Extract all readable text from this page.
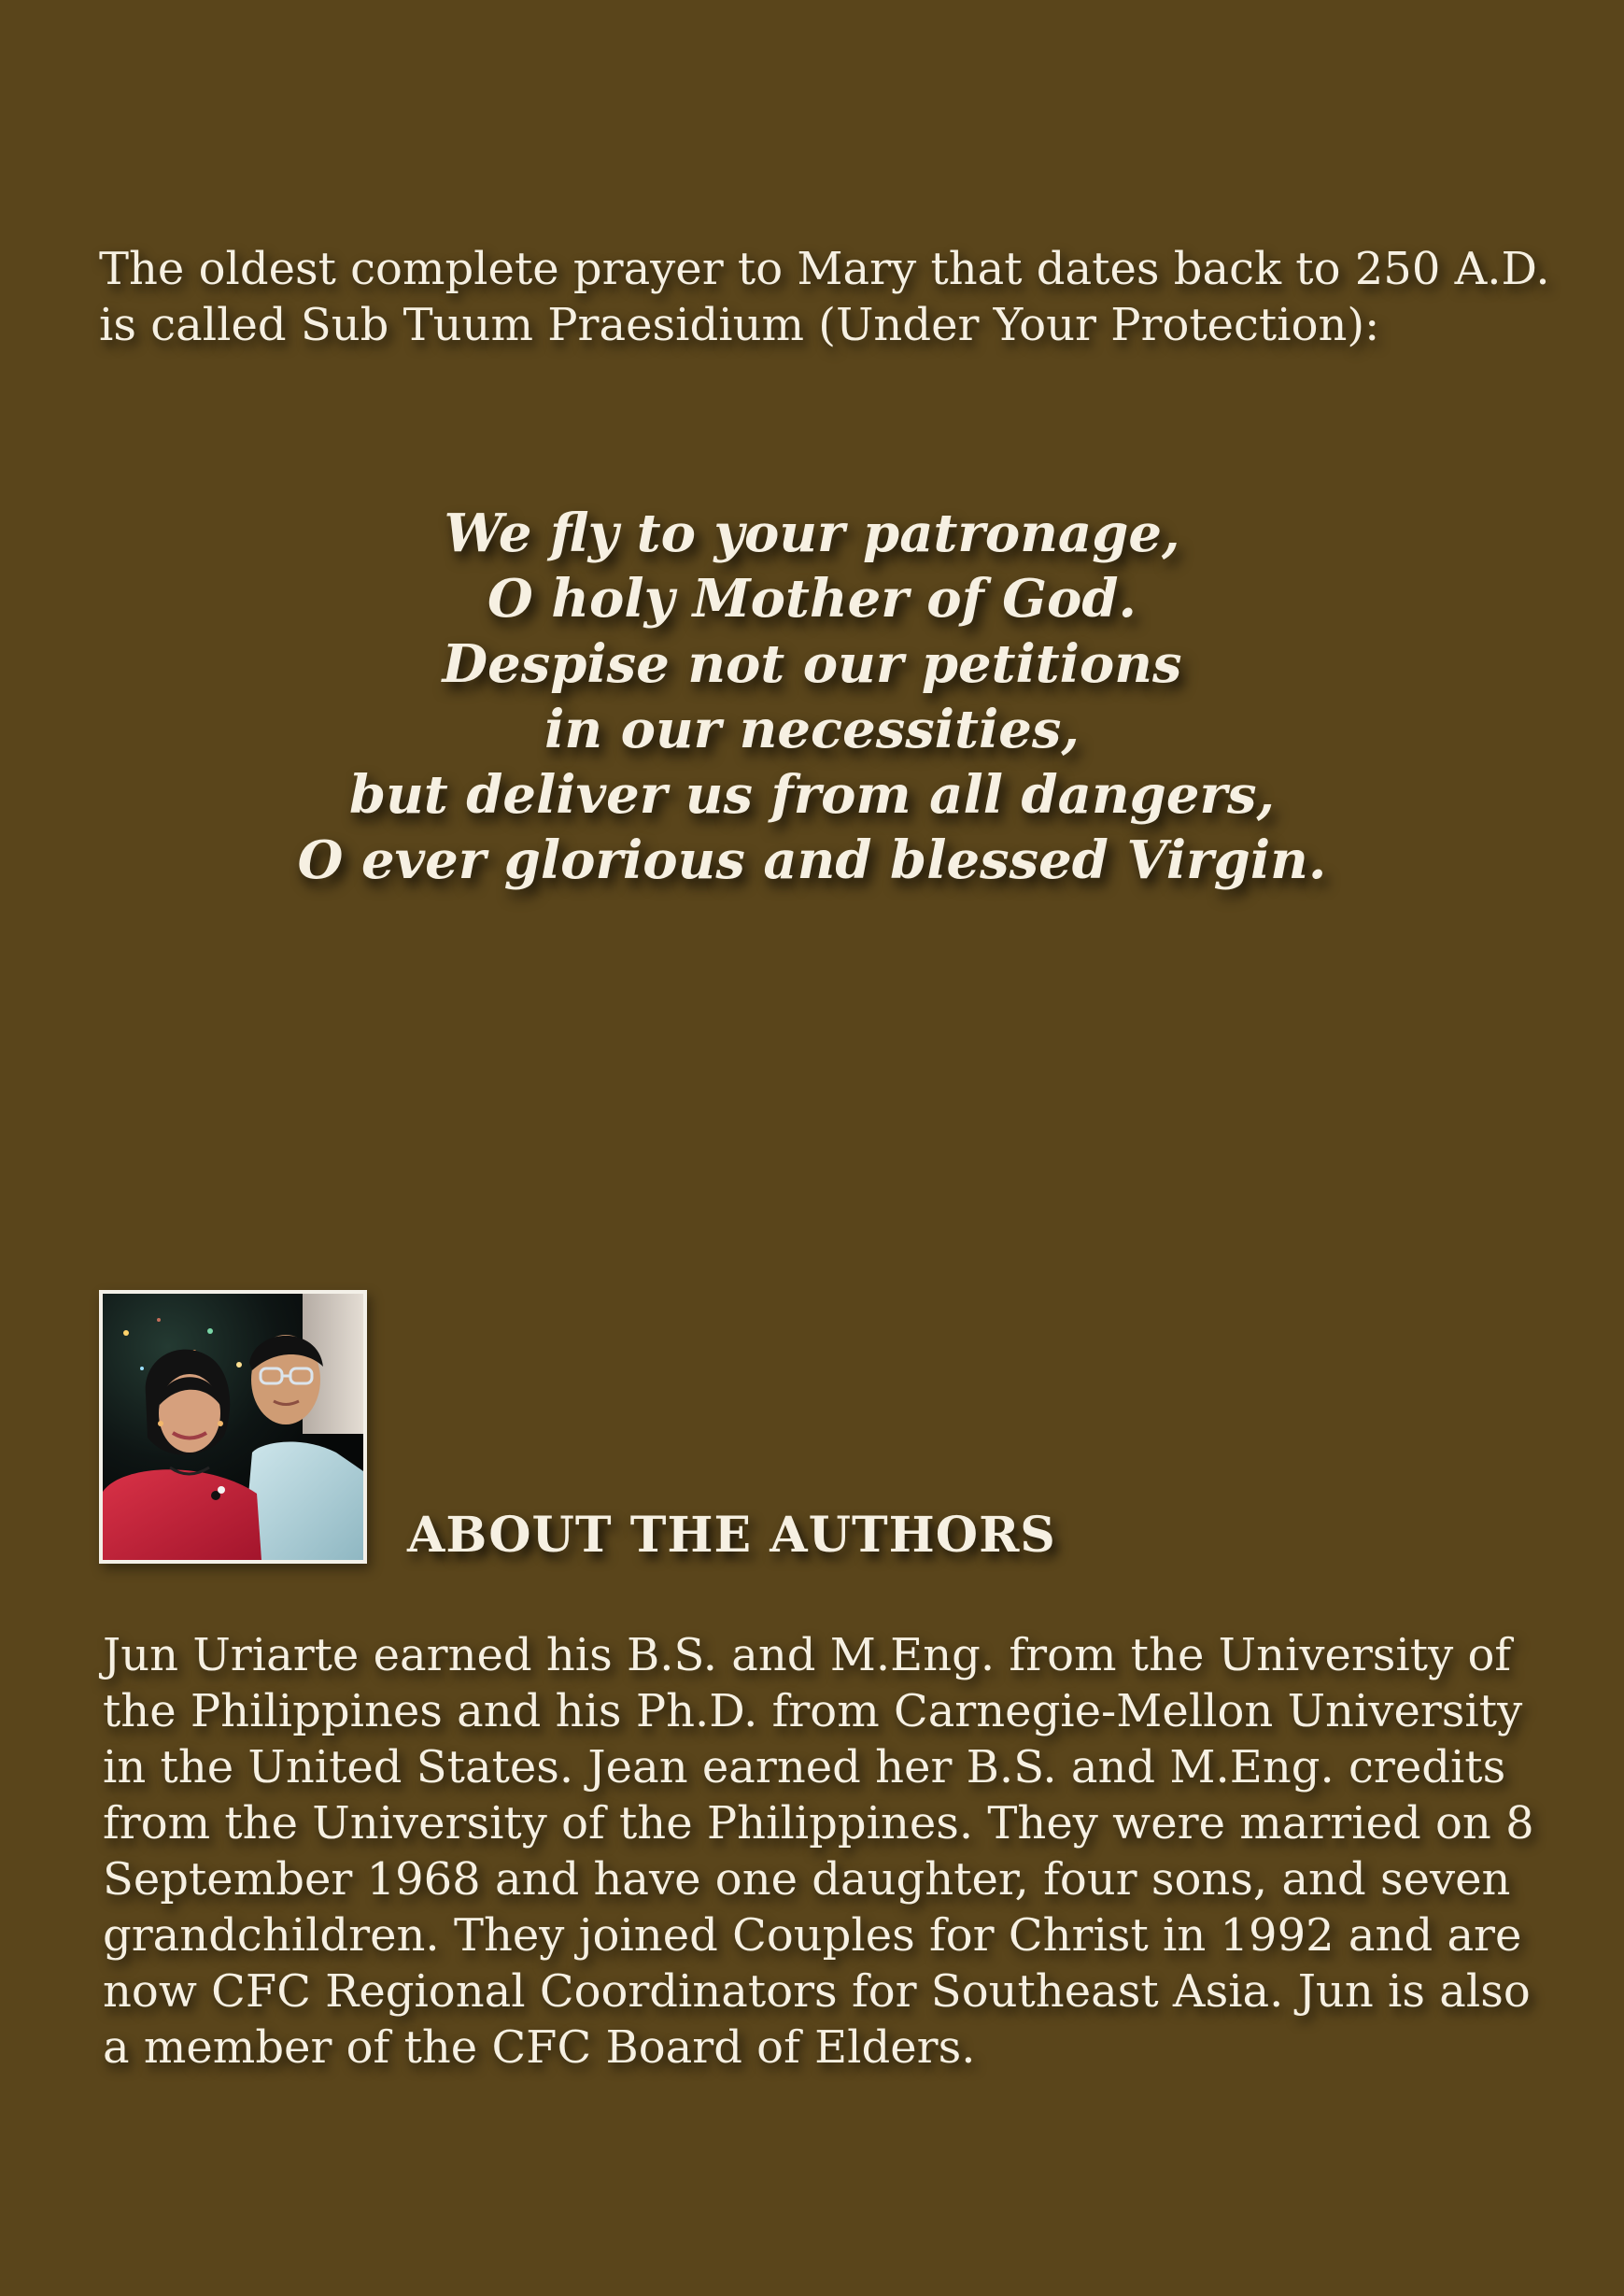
The oldest complete prayer to Mary that dates back to 250 A.D.
is called Sub Tuum Praesidium (Under Your Protection):
We fly to your patronage,
O holy Mother of God.
Despise not our petitions
in our necessities,
but deliver us from all dangers,
O ever glorious and blessed Virgin.
ABOUT THE AUTHORS
Jun Uriarte earned his B.S. and M.Eng. from the University of
the Philippines and his Ph.D. from Carnegie-Mellon University
in the United States. Jean earned her B.S. and M.Eng. credits
from the University of the Philippines. They were married on 8
September 1968 and have one daughter, four sons, and seven
grandchildren. They joined Couples for Christ in 1992 and are
now CFC Regional Coordinators for Southeast Asia. Jun is also
a member of the CFC Board of Elders.
